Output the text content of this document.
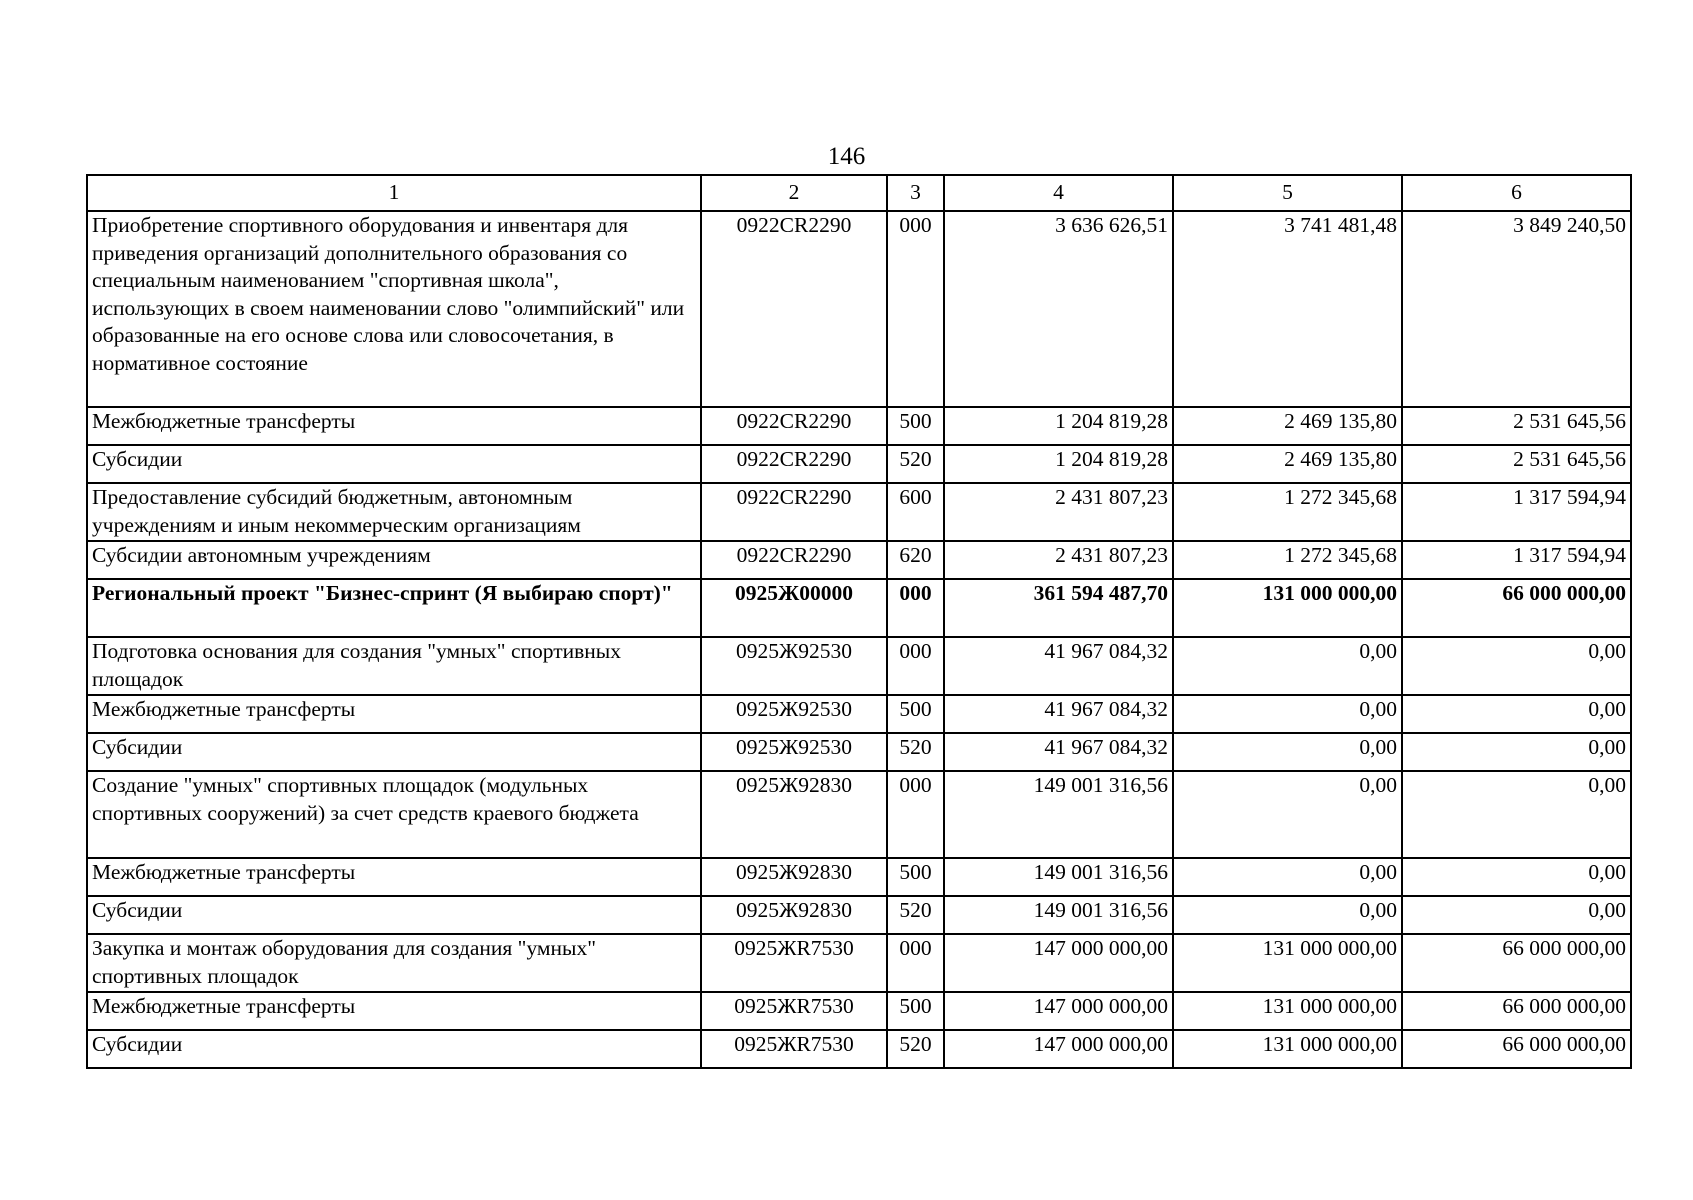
146
1	2	3	4	5	6
Приобретение спортивного оборудования и инвентаря для приведения организаций дополнительного образования со специальным наименованием "спортивная школа", использующих в своем наименовании слово "олимпийский" или образованные на его основе слова или словосочетания, в нормативное состояние	0922CR2290	000	3 636 626,51	3 741 481,48	3 849 240,50
Межбюджетные трансферты	0922CR2290	500	1 204 819,28	2 469 135,80	2 531 645,56
Субсидии	0922CR2290	520	1 204 819,28	2 469 135,80	2 531 645,56
Предоставление субсидий бюджетным, автономным учреждениям и иным некоммерческим организациям	0922CR2290	600	2 431 807,23	1 272 345,68	1 317 594,94
Субсидии автономным учреждениям	0922CR2290	620	2 431 807,23	1 272 345,68	1 317 594,94
Региональный проект "Бизнес-спринт (Я выбираю спорт)"	0925Ж00000	000	361 594 487,70	131 000 000,00	66 000 000,00
Подготовка основания для создания "умных" спортивных площадок	0925Ж92530	000	41 967 084,32	0,00	0,00
Межбюджетные трансферты	0925Ж92530	500	41 967 084,32	0,00	0,00
Субсидии	0925Ж92530	520	41 967 084,32	0,00	0,00
Создание "умных" спортивных площадок (модульных спортивных сооружений) за счет средств краевого бюджета	0925Ж92830	000	149 001 316,56	0,00	0,00
Межбюджетные трансферты	0925Ж92830	500	149 001 316,56	0,00	0,00
Субсидии	0925Ж92830	520	149 001 316,56	0,00	0,00
Закупка и монтаж оборудования для создания "умных" спортивных площадок	0925ЖR7530	000	147 000 000,00	131 000 000,00	66 000 000,00
Межбюджетные трансферты	0925ЖR7530	500	147 000 000,00	131 000 000,00	66 000 000,00
Субсидии	0925ЖR7530	520	147 000 000,00	131 000 000,00	66 000 000,00
